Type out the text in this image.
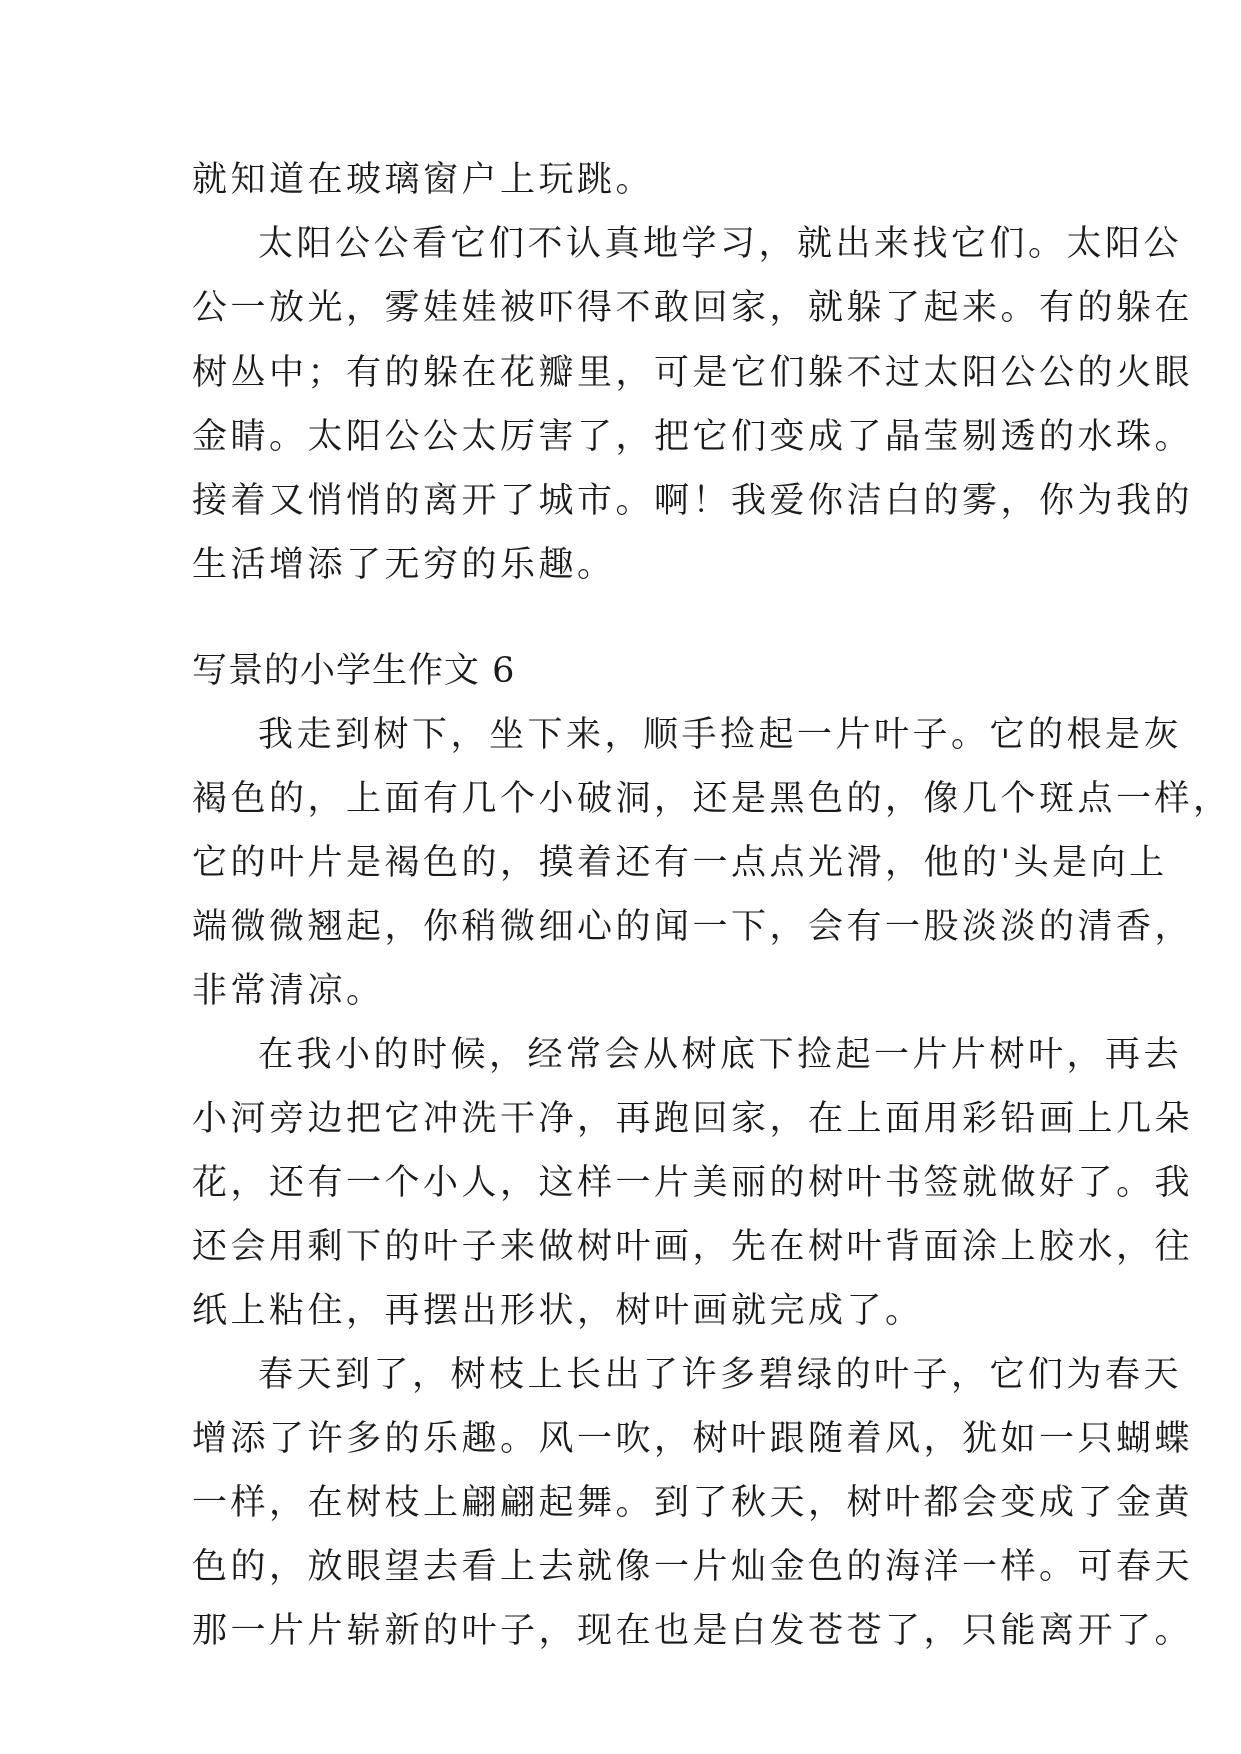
就知道在玻璃窗户上玩跳。
太阳公公看它们不认真地学习，就出来找它们。太阳公
公一放光，雾娃娃被吓得不敢回家，就躲了起来。有的躲在
树丛中；有的躲在花瓣里，可是它们躲不过太阳公公的火眼
金睛。太阳公公太厉害了，把它们变成了晶莹剔透的水珠。
接着又悄悄的离开了城市。啊！我爱你洁白的雾，你为我的
生活增添了无穷的乐趣。
写景的小学生作文 6
我走到树下，坐下来，顺手捡起一片叶子。它的根是灰
褐色的，上面有几个小破洞，还是黑色的，像几个斑点一样，
它的叶片是褐色的，摸着还有一点点光滑，他的'头是向上
端微微翘起，你稍微细心的闻一下，会有一股淡淡的清香，
非常清凉。
在我小的时候，经常会从树底下捡起一片片树叶，再去
小河旁边把它冲洗干净，再跑回家，在上面用彩铅画上几朵
花，还有一个小人，这样一片美丽的树叶书签就做好了。我
还会用剩下的叶子来做树叶画，先在树叶背面涂上胶水，往
纸上粘住，再摆出形状，树叶画就完成了。
春天到了，树枝上长出了许多碧绿的叶子，它们为春天
增添了许多的乐趣。风一吹，树叶跟随着风，犹如一只蝴蝶
一样，在树枝上翩翩起舞。到了秋天，树叶都会变成了金黄
色的，放眼望去看上去就像一片灿金色的海洋一样。可春天
那一片片崭新的叶子，现在也是白发苍苍了，只能离开了。
